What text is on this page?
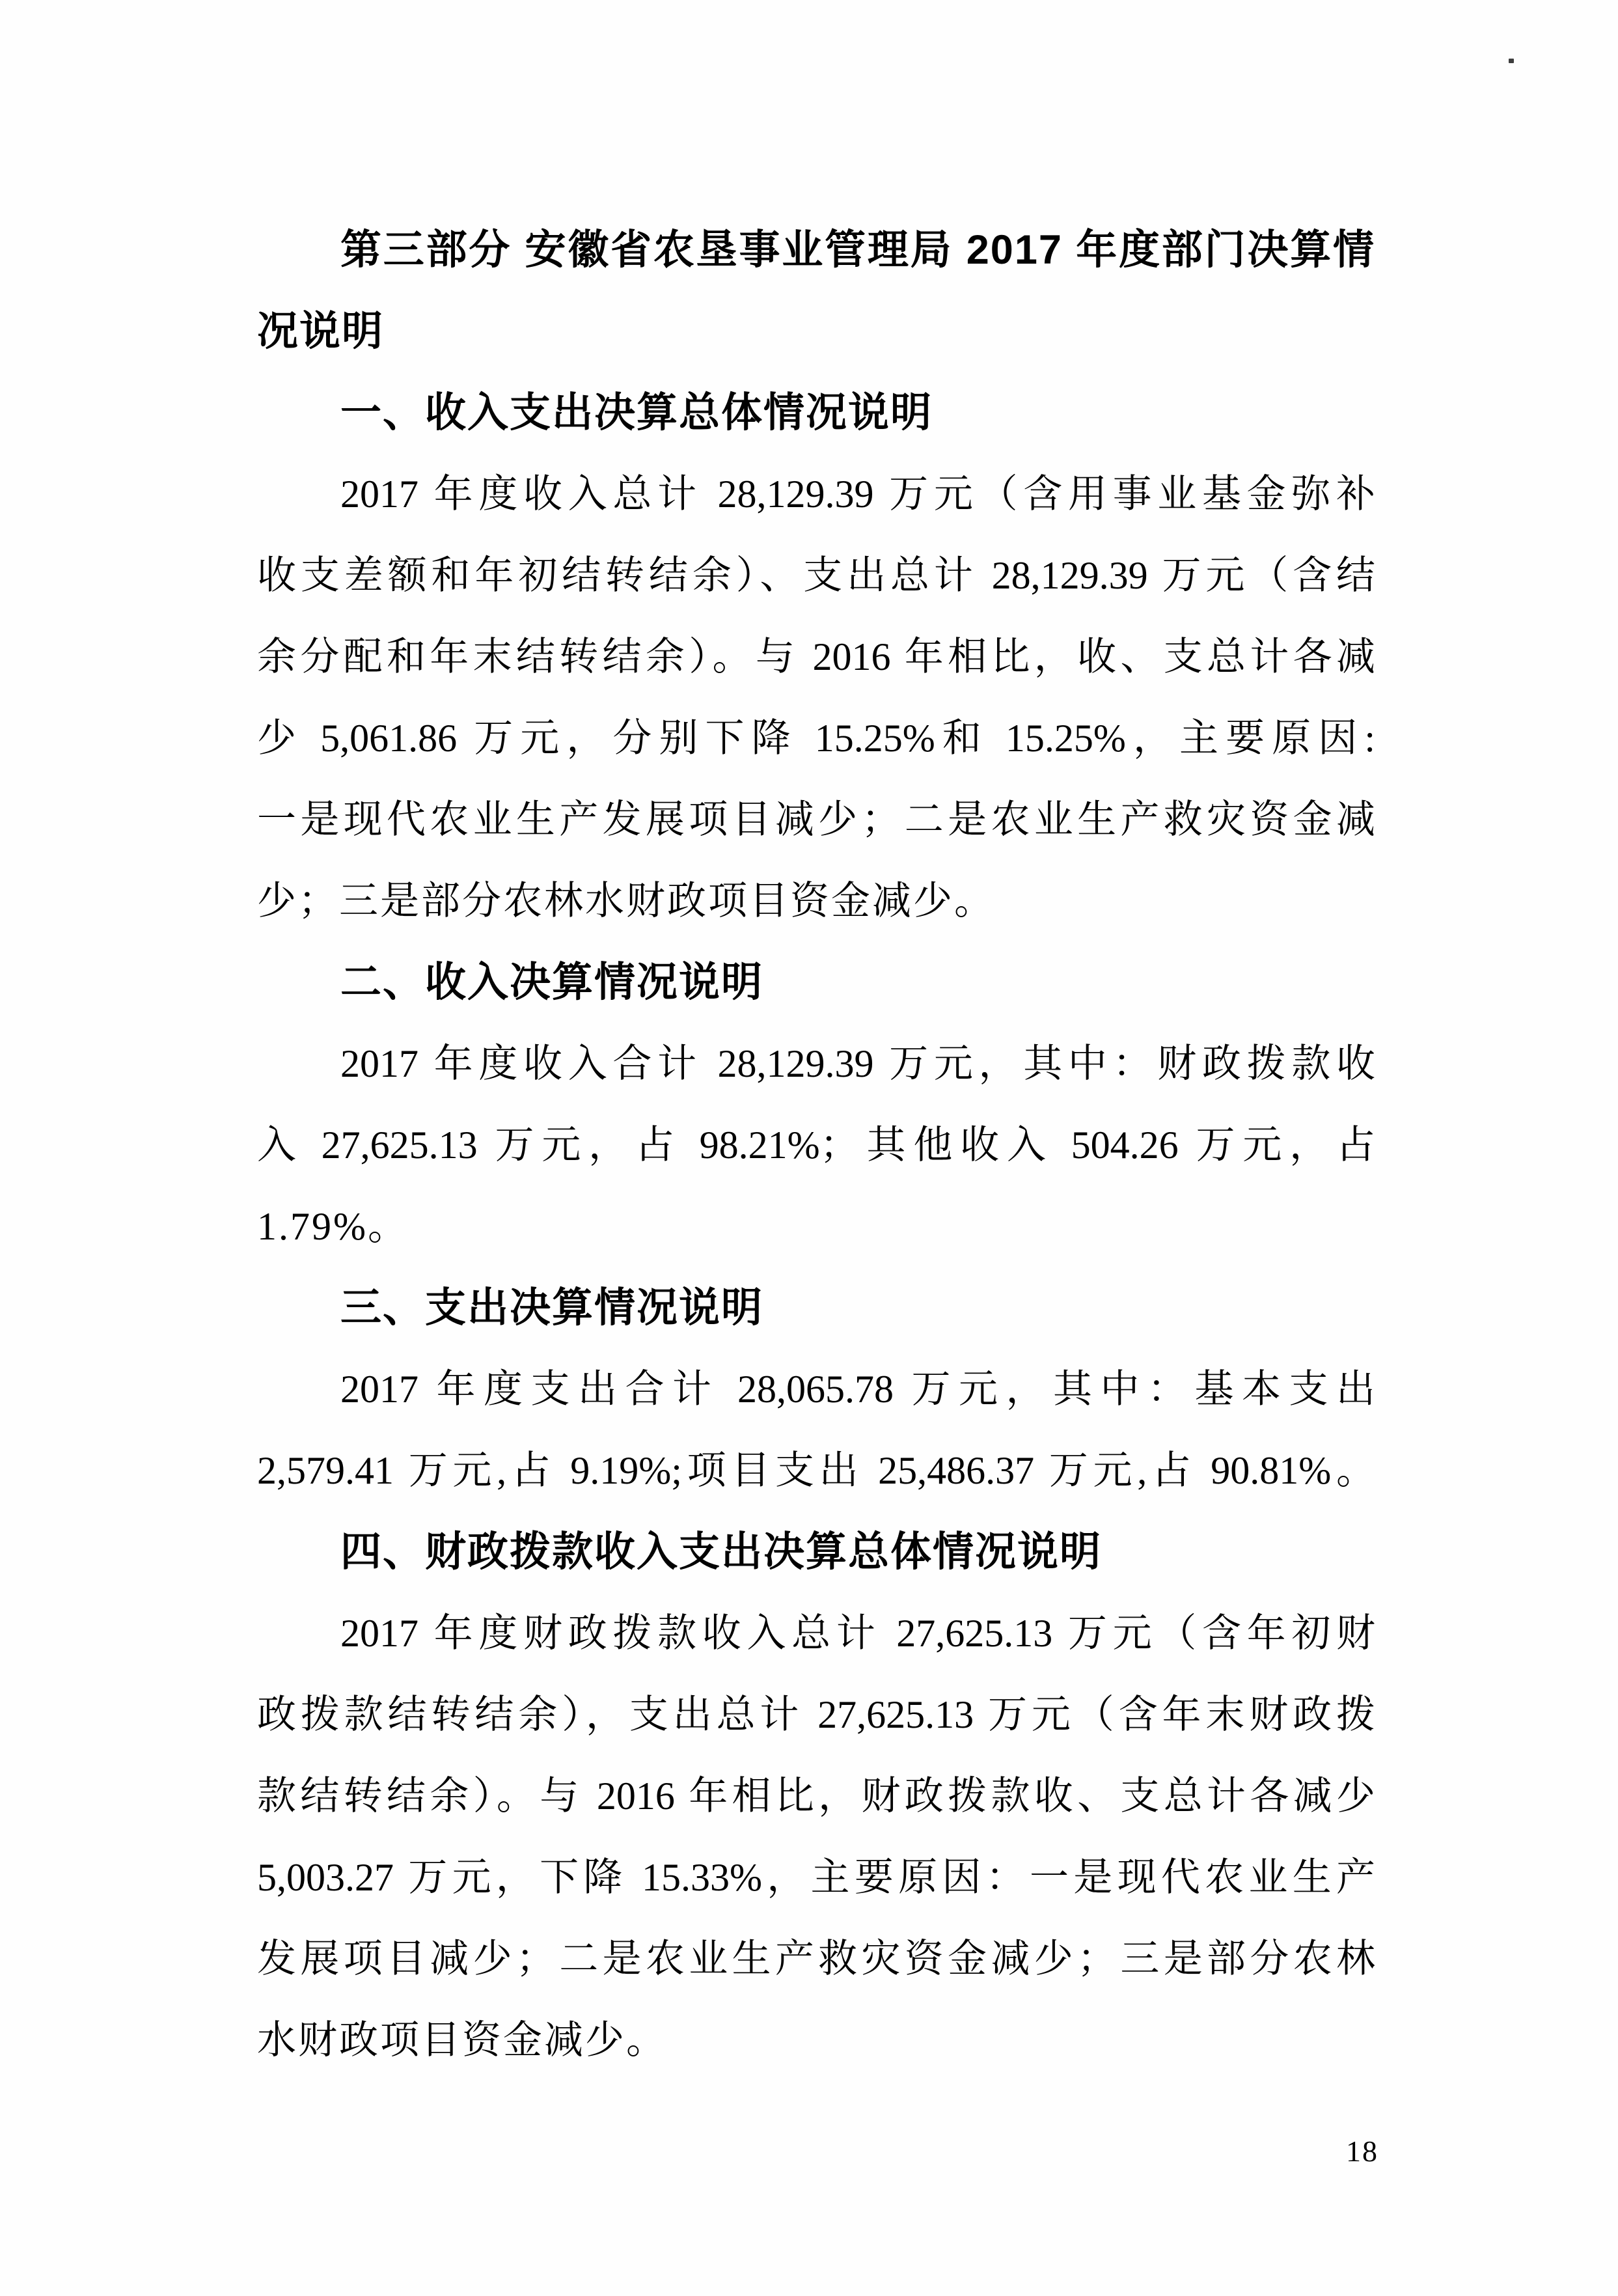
第三部分 安徽省农垦事业管理局 2017 年度部门决算情
况说明
一、收入支出决算总体情况说明
2017 年度收入总计 28,129.39 万元（含用事业基金弥补
收支差额和年初结转结余）、支出总计 28,129.39 万元（含结
余分配和年末结转结余）。与 2016 年相比，收、支总计各减
少 5,061.86 万元，分别下降 15.25%和 15.25%，主要原因:
一是现代农业生产发展项目减少；二是农业生产救灾资金减
少；三是部分农林水财政项目资金减少。
二、收入决算情况说明
2017 年度收入合计 28,129.39 万元，其中：财政拨款收
入 27,625.13 万元，占 98.21%；其他收入 504.26 万元，占
1.79%。
三、支出决算情况说明
2017 年度支出合计 28,065.78 万元，其中：基本支出
2,579.41 万元,占 9.19%;项目支出 25,486.37 万元,占 90.81%。
四、财政拨款收入支出决算总体情况说明
2017 年度财政拨款收入总计 27,625.13 万元（含年初财
政拨款结转结余），支出总计 27,625.13 万元（含年末财政拨
款结转结余）。与 2016 年相比，财政拨款收、支总计各减少
5,003.27 万元，下降 15.33%，主要原因：一是现代农业生产
发展项目减少；二是农业生产救灾资金减少；三是部分农林
水财政项目资金减少。
18
